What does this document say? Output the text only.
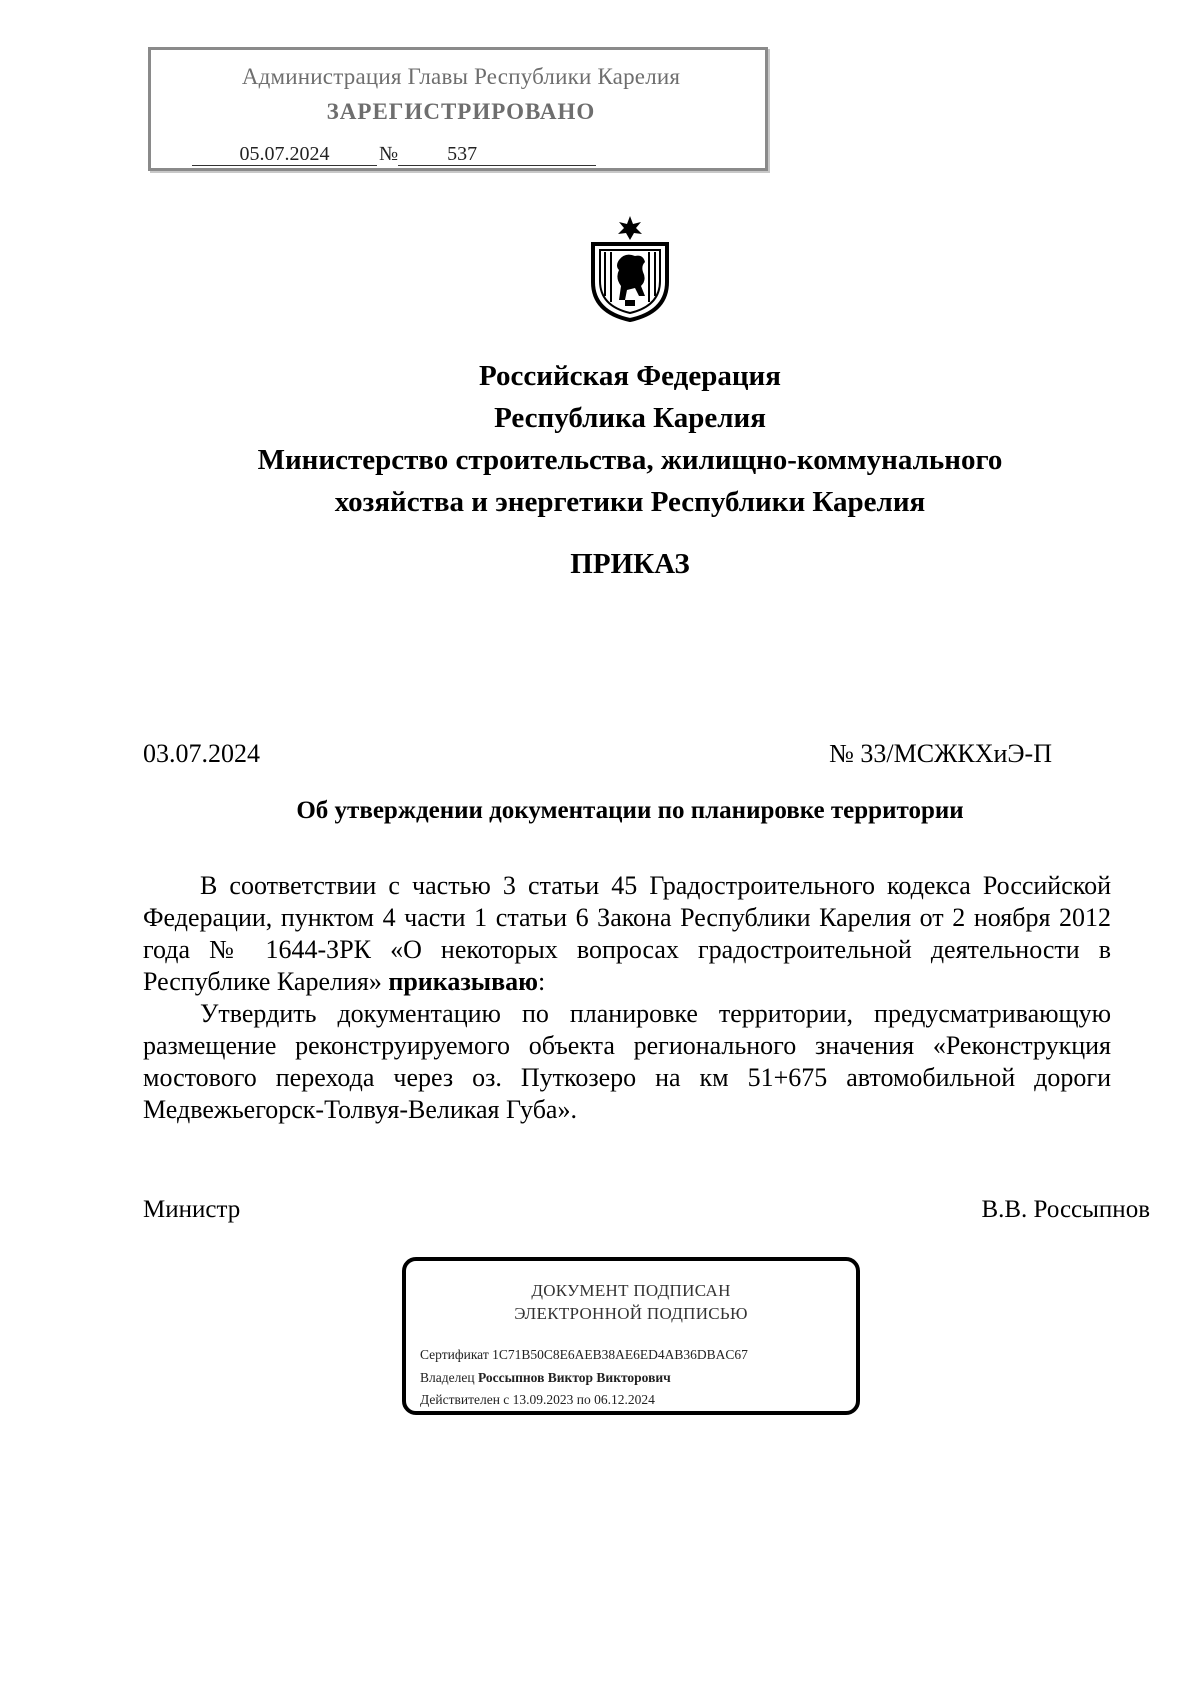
Администрация Главы Республики Карелия
ЗАРЕГИСТРИРОВАНО
05.07.2024 № 537
Российская Федерация
Республика Карелия
Министерство строительства, жилищно-коммунального
хозяйства и энергетики Республики Карелия
ПРИКАЗ
03.07.2024	№ 33/МСЖКХиЭ-П
Об утверждении документации по планировке территории

В соответствии с частью 3 статьи 45 Градостроительного кодекса Российской Федерации, пунктом 4 части 1 статьи 6 Закона Республики Карелия от 2 ноября 2012 года № 1644-ЗРК «О некоторых вопросах градостроительной деятельности в Республике Карелия» приказываю:

Утвердить документацию по планировке территории, предусматривающую размещение реконструируемого объекта регионального значения «Реконструкция мостового перехода через оз. Путкозеро на км 51+675 автомобильной дороги Медвежьегорск-Толвуя-Великая Губа».

Министр	В.В. Россыпнов
ДОКУМЕНТ ПОДПИСАН
ЭЛЕКТРОННОЙ ПОДПИСЬЮ
Сертификат 1C71B50C8E6AEB38AE6ED4AB36DBAC67
Владелец Россыпнов Виктор Викторович
Действителен с 13.09.2023 по 06.12.2024
